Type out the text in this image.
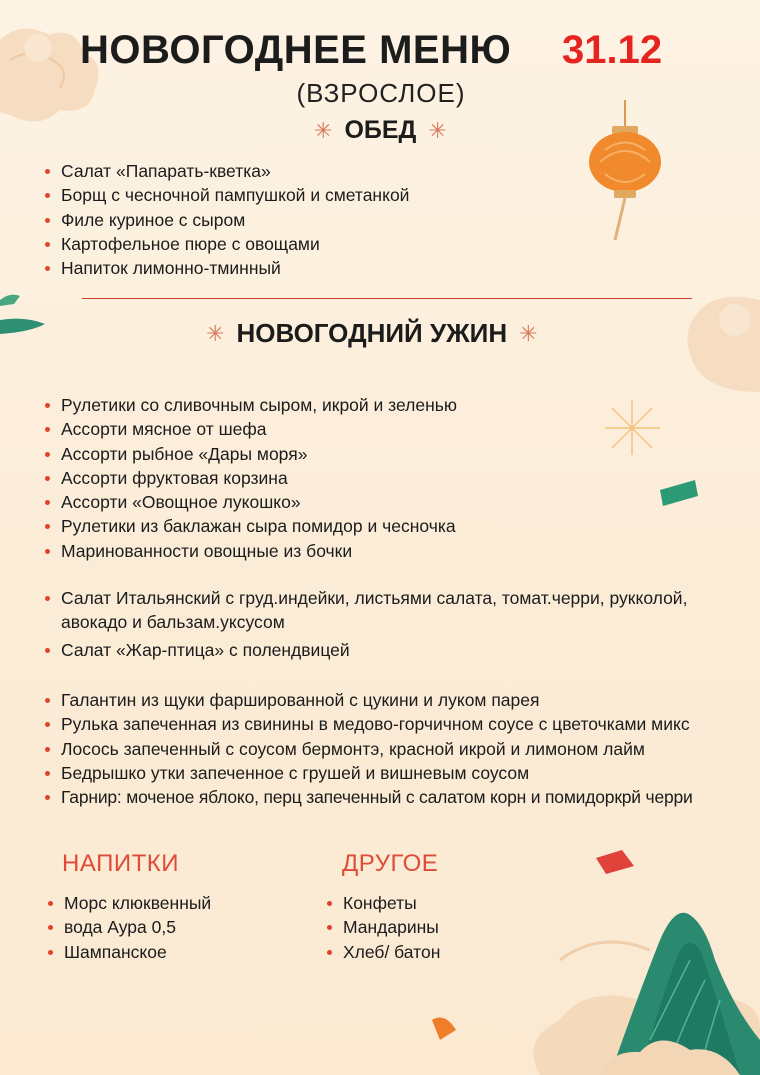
НОВОГОДНЕЕ МЕНЮ 31.12
(ВЗРОСЛОЕ)
✳ ОБЕД ✳
Салат «Папарать-кветка»
Борщ с чесночной пампушкой и сметанкой
Филе куриное с сыром
Картофельное пюре с овощами
Напиток лимонно-тминный
✳ НОВОГОДНИЙ УЖИН ✳
Рулетики со сливочным сыром, икрой и зеленью
Ассорти мясное от шефа
Ассорти рыбное «Дары моря»
Ассорти фруктовая корзина
Ассорти «Овощное лукошко»
Рулетики из баклажан сыра помидор и чесночка
Маринованности овощные из бочки
Салат Итальянский с груд.индейки, листьями салата, томат.черри, рукколой, авокадо и бальзам.уксусом
Салат «Жар-птица» с полендвицей
Галантин из щуки фаршированной с цукини и луком парея
Рулька запеченная из свинины в медово-горчичном соусе с цветочками микс
Лосось запеченный с соусом бермонтэ, красной икрой и лимоном лайм
Бедрышко утки запеченное с грушей и вишневым соусом
Гарнир: моченое яблоко, перц запеченный с салатом корн и помидоркрй черри
НАПИТКИ
Морс клюквенный
вода Аура 0,5
Шампанское
ДРУГОЕ
Конфеты
Мандарины
Хлеб/ батон
